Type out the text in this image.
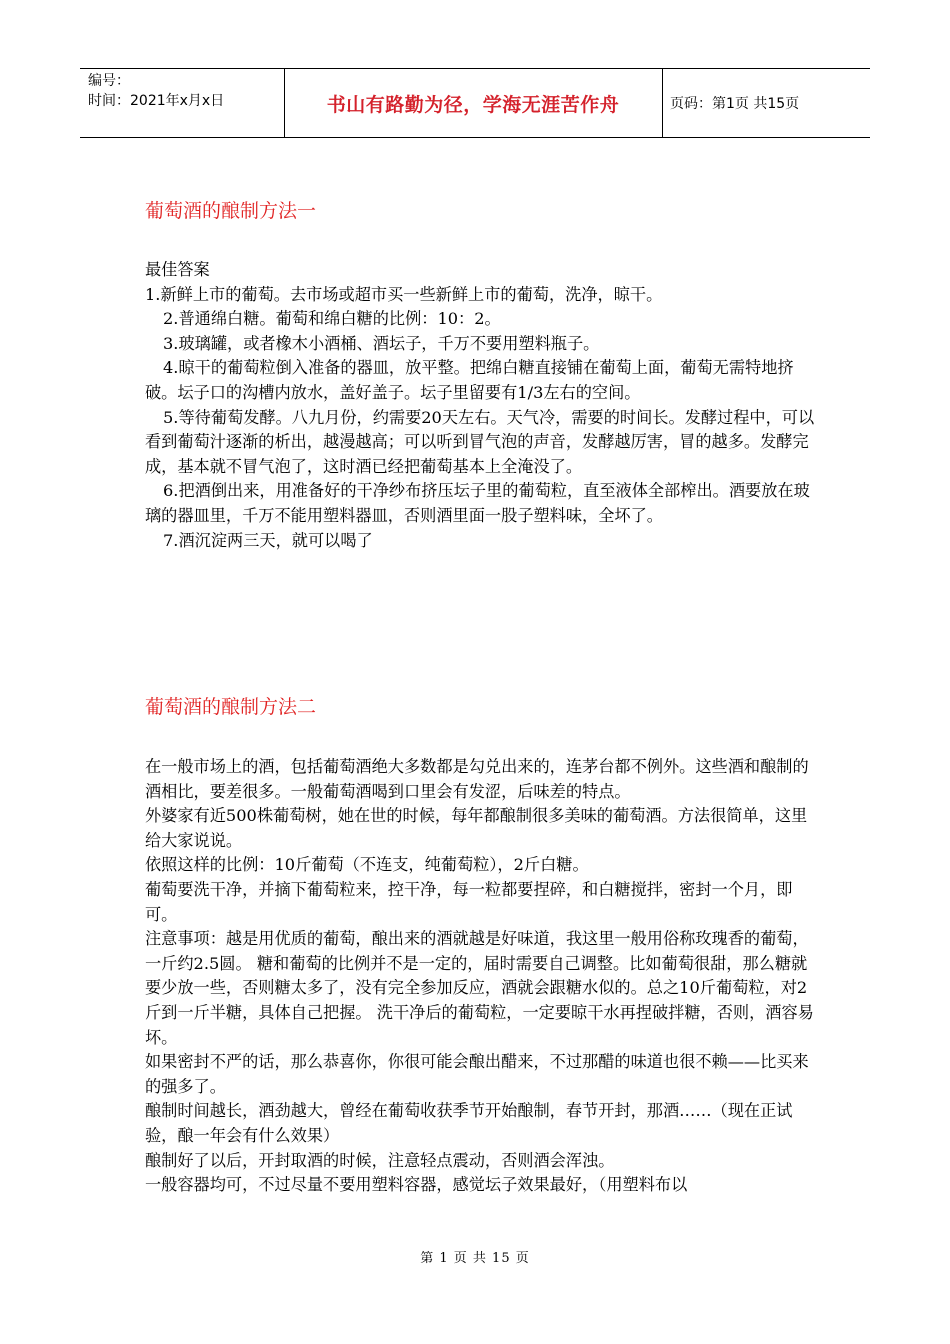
编号：
时间：2021年x月x日	书山有路勤为径，学海无涯苦作舟	页码：第1页 共15页
葡萄酒的酿制方法一

最佳答案

1.新鲜上市的葡萄。去市场或超市买一些新鲜上市的葡萄，洗净，晾干。

2.普通绵白糖。葡萄和绵白糖的比例：10：2。

3.玻璃罐，或者橡木小酒桶、酒坛子，千万不要用塑料瓶子。

4.晾干的葡萄粒倒入准备的器皿，放平整。把绵白糖直接铺在葡萄上面，葡萄无需特地挤破。坛子口的沟槽内放水，盖好盖子。坛子里留要有1/3左右的空间。

5.等待葡萄发酵。八九月份，约需要20天左右。天气冷，需要的时间长。发酵过程中，可以看到葡萄汁逐渐的析出，越漫越高；可以听到冒气泡的声音，发酵越厉害，冒的越多。发酵完成，基本就不冒气泡了，这时酒已经把葡萄基本上全淹没了。

6.把酒倒出来，用准备好的干净纱布挤压坛子里的葡萄粒，直至液体全部榨出。酒要放在玻璃的器皿里，千万不能用塑料器皿，否则酒里面一股子塑料味，全坏了。

7.酒沉淀两三天，就可以喝了

葡萄酒的酿制方法二

在一般市场上的酒，包括葡萄酒绝大多数都是勾兑出来的，连茅台都不例外。这些酒和酿制的酒相比，要差很多。一般葡萄酒喝到口里会有发涩，后味差的特点。

外婆家有近500株葡萄树，她在世的时候，每年都酿制很多美味的葡萄酒。方法很简单，这里给大家说说。

依照这样的比例：10斤葡萄（不连支，纯葡萄粒），2斤白糖。

葡萄要洗干净，并摘下葡萄粒来，控干净，每一粒都要捏碎，和白糖搅拌，密封一个月，即可。

注意事项：越是用优质的葡萄，酿出来的酒就越是好味道，我这里一般用俗称玫瑰香的葡萄，一斤约2.5圆。 糖和葡萄的比例并不是一定的，届时需要自己调整。比如葡萄很甜，那么糖就要少放一些，否则糖太多了，没有完全参加反应，酒就会跟糖水似的。总之10斤葡萄粒，对2斤到一斤半糖，具体自己把握。 洗干净后的葡萄粒，一定要晾干水再捏破拌糖，否则，酒容易坏。

如果密封不严的话，那么恭喜你，你很可能会酿出醋来，不过那醋的味道也很不赖——比买来的强多了。

酿制时间越长，酒劲越大，曾经在葡萄收获季节开始酿制，春节开封，那酒……（现在正试验，酿一年会有什么效果）

酿制好了以后，开封取酒的时候，注意轻点震动，否则酒会浑浊。

一般容器均可，不过尽量不要用塑料容器，感觉坛子效果最好，（用塑料布以

第 1 页 共 15 页
